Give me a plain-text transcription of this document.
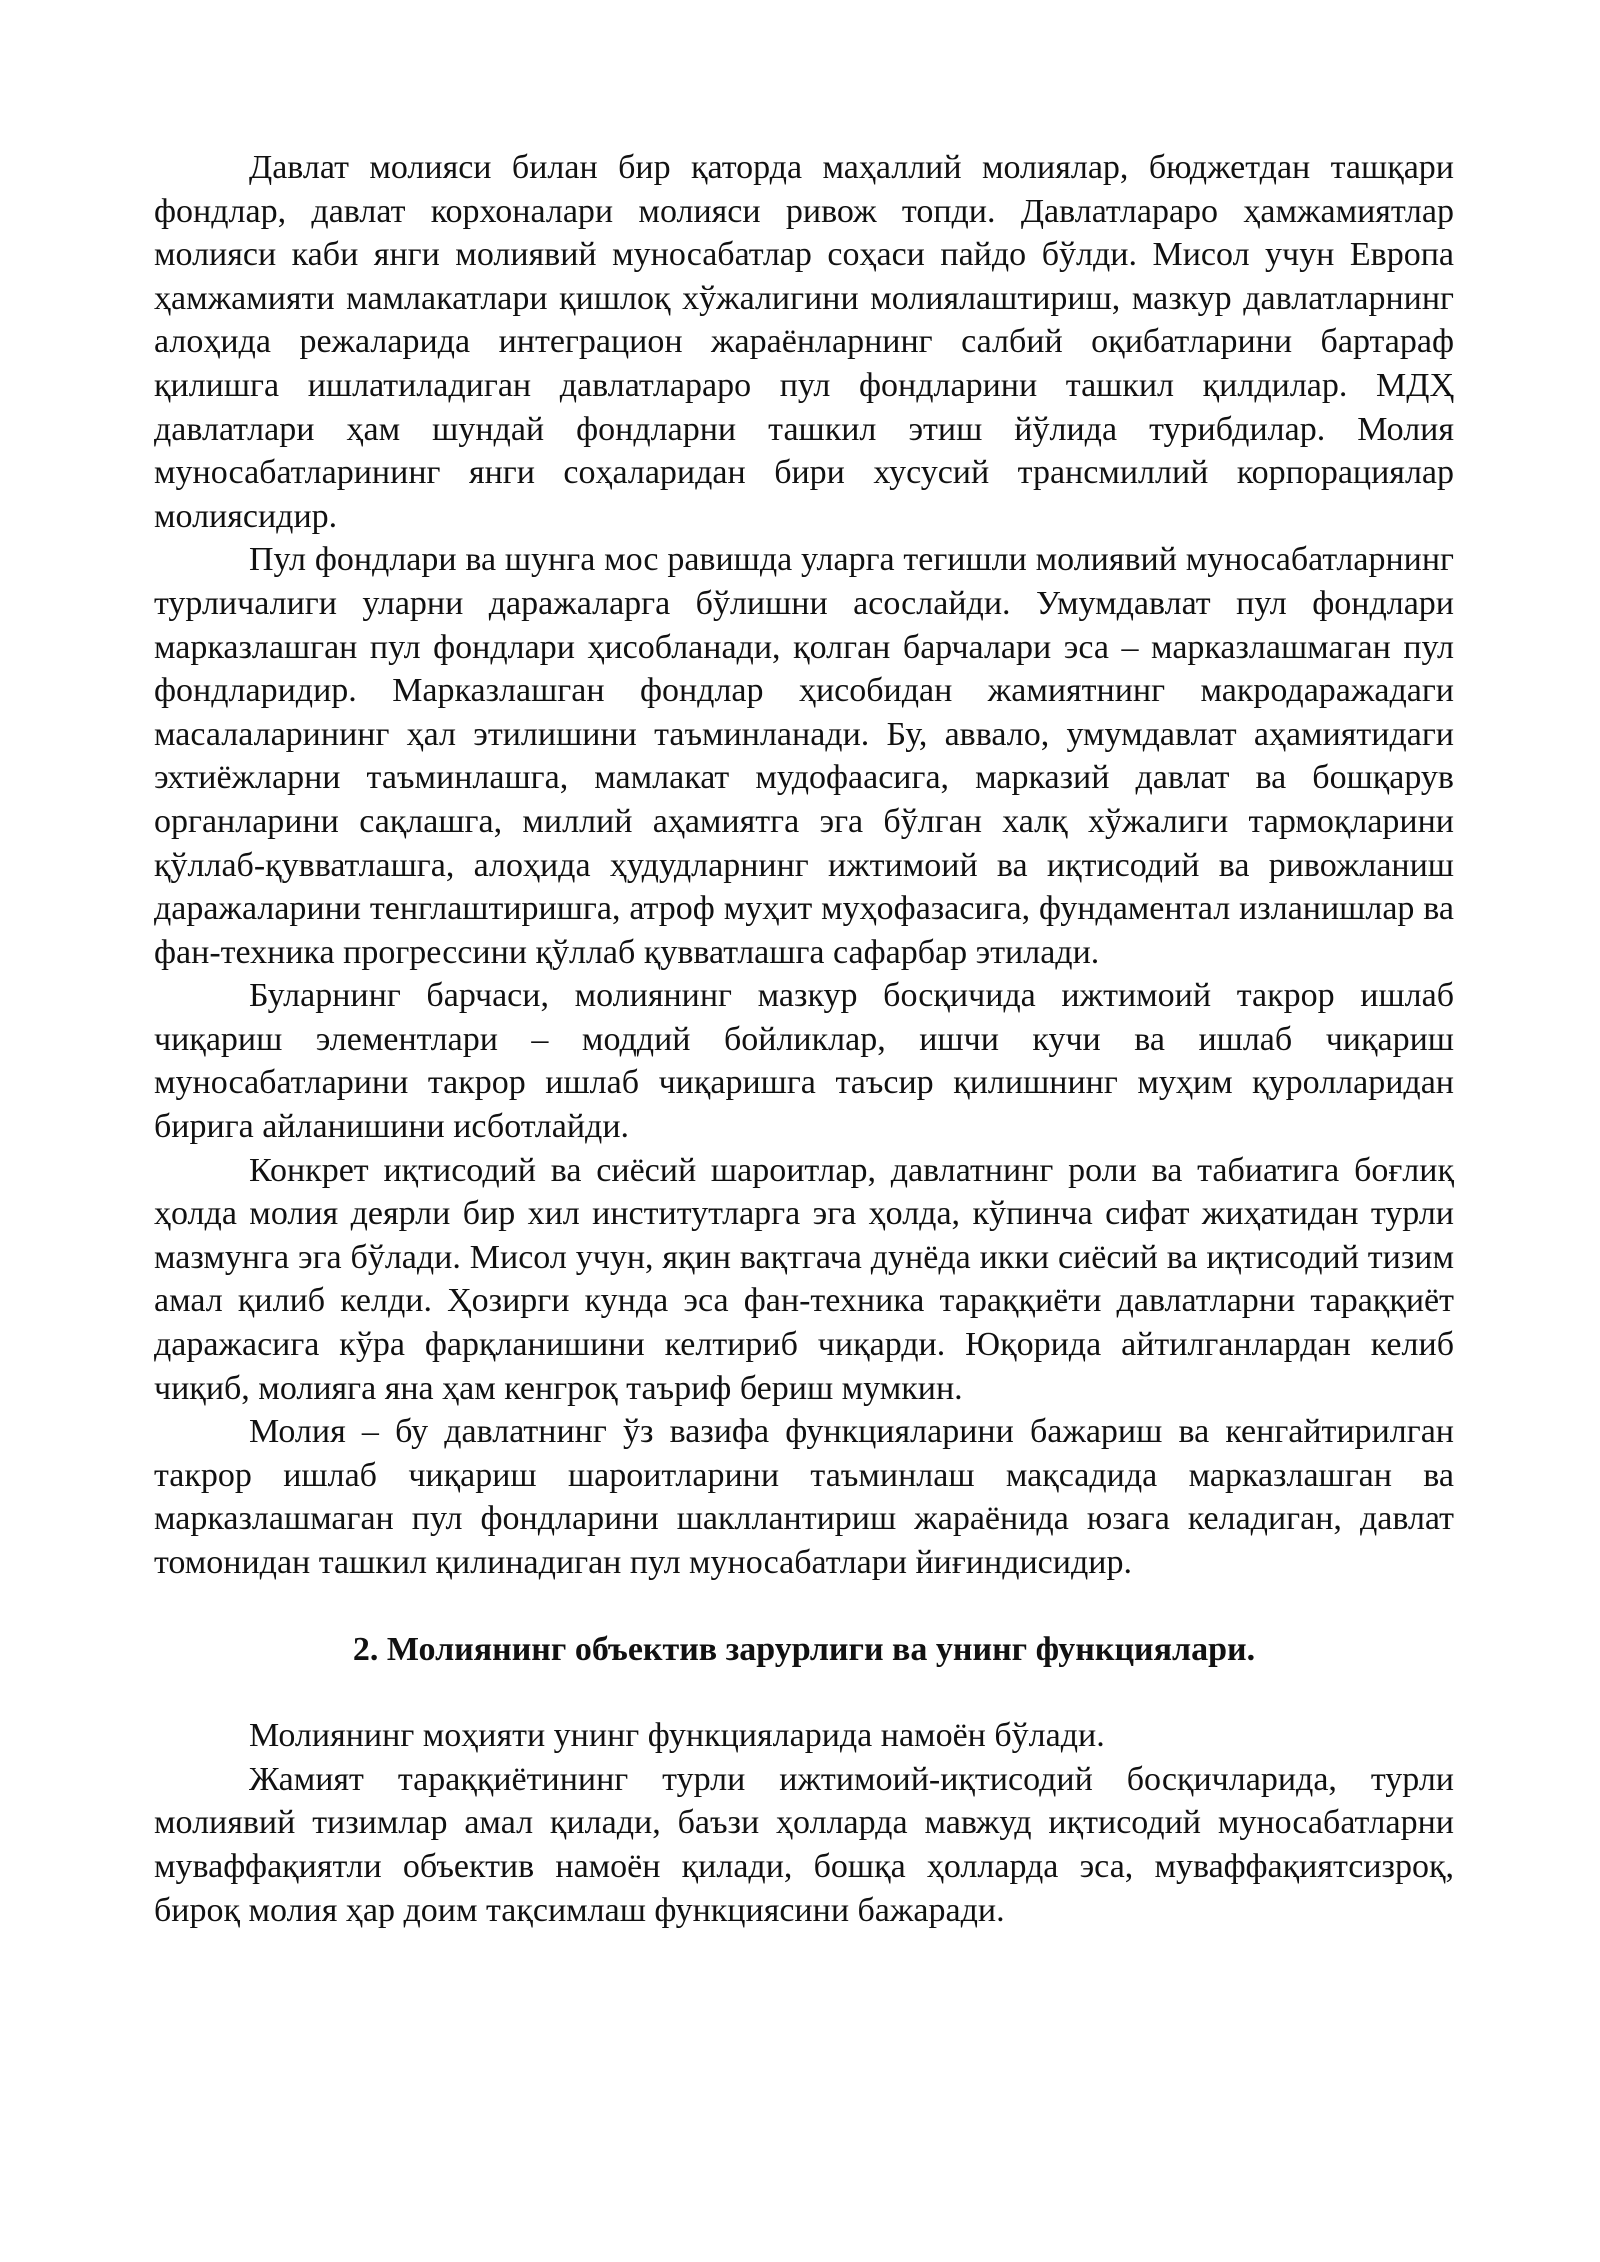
Давлат молияси билан бир қаторда маҳаллий молиялар, бюджетдан ташқари фондлар, давлат корхоналари молияси ривож топди. Давлатлараро ҳамжамиятлар молияси каби янги молиявий муносабатлар соҳаси пайдо бўлди. Мисол учун Европа ҳамжамияти мамлакатлари қишлоқ хўжалигини молиялаштириш, мазкур давлатларнинг алоҳида режаларида интеграцион жараёнларнинг салбий оқибатларини бартараф қилишга ишлатиладиган давлатлараро пул фондларини ташкил қилдилар. МДҲ давлатлари ҳам шундай фондларни ташкил этиш йўлида турибдилар. Молия муносабатларининг янги соҳаларидан бири хусусий трансмиллий корпорациялар молиясидир.

Пул фондлари ва шунга мос равишда уларга тегишли молиявий муносабатларнинг турличалиги уларни даражаларга бўлишни асослайди. Умумдавлат пул фондлари марказлашган пул фондлари ҳисобланади, қолган барчалари эса – марказлашмаган пул фондларидир. Марказлашган фондлар ҳисобидан жамиятнинг макродаражадаги масалаларининг ҳал этилишини таъминланади. Бу, аввало, умумдавлат аҳамиятидаги эхтиёжларни таъминлашга, мамлакат мудофаасига, марказий давлат ва бошқарув органларини сақлашга, миллий аҳамиятга эга бўлган халқ хўжалиги тармоқларини қўллаб-қувватлашга, алоҳида ҳудудларнинг ижтимоий ва иқтисодий ва ривожланиш даражаларини тенглаштиришга, атроф муҳит муҳофазасига, фундаментал изланишлар ва фан-техника прогрессини қўллаб қувватлашга сафарбар этилади.

Буларнинг барчаси, молиянинг мазкур босқичида ижтимоий такрор ишлаб чиқариш элементлари – моддий бойликлар, ишчи кучи ва ишлаб чиқариш муносабатларини такрор ишлаб чиқаришга таъсир қилишнинг муҳим қуролларидан бирига айланишини исботлайди.

Конкрет иқтисодий ва сиёсий шароитлар, давлатнинг роли ва табиатига боғлиқ ҳолда молия деярли бир хил институтларга эга ҳолда, кўпинча сифат жиҳатидан турли мазмунга эга бўлади. Мисол учун, яқин вақтгача дунёда икки сиёсий ва иқтисодий тизим амал қилиб келди. Ҳозирги кунда эса фан-техника тараққиёти давлатларни тараққиёт даражасига кўра фарқланишини келтириб чиқарди. Юқорида айтилганлардан келиб чиқиб, молияга яна ҳам кенгроқ таъриф бериш мумкин.

Молия – бу давлатнинг ўз вазифа функцияларини бажариш ва кенгайтирилган такрор ишлаб чиқариш шароитларини таъминлаш мақсадида марказлашган ва марказлашмаган пул фондларини шакллантириш жараёнида юзага келадиган, давлат томонидан ташкил қилинадиган пул муносабатлари йиғиндисидир.

2. Молиянинг объектив зарурлиги ва унинг функциялари.

Молиянинг моҳияти унинг функцияларида намоён бўлади.

Жамият тараққиётининг турли ижтимоий-иқтисодий босқичларида, турли молиявий тизимлар амал қилади, баъзи ҳолларда мавжуд иқтисодий муносабатларни муваффақиятли объектив намоён қилади, бошқа ҳолларда эса, муваффақиятсизроқ, бироқ молия ҳар доим тақсимлаш функциясини бажаради.
